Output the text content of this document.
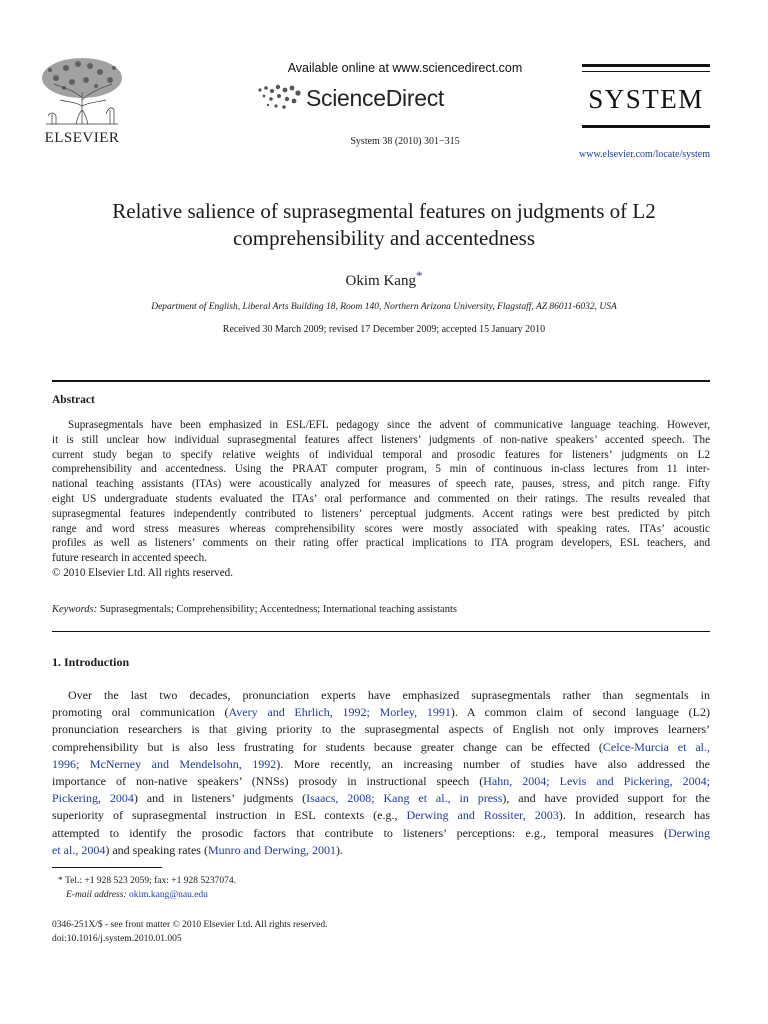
ELSEVIER
Available online at www.sciencedirect.com
ScienceDirect
System 38 (2010) 301−315
SYSTEM
www.elsevier.com/locate/system
Relative salience of suprasegmental features on judgments of L2
comprehensibility and accentedness
Okim Kang*
Department of English, Liberal Arts Building 18, Room 140, Northern Arizona University, Flagstaff, AZ 86011-6032, USA
Received 30 March 2009; revised 17 December 2009; accepted 15 January 2010
Abstract
Suprasegmentals have been emphasized in ESL/EFL pedagogy since the advent of communicative language teaching. However,
it is still unclear how individual suprasegmental features affect listeners’ judgments of non-native speakers’ accented speech. The
current study began to specify relative weights of individual temporal and prosodic features for listeners’ judgments on L2
comprehensibility and accentedness. Using the PRAAT computer program, 5 min of continuous in-class lectures from 11 inter-
national teaching assistants (ITAs) were acoustically analyzed for measures of speech rate, pauses, stress, and pitch range. Fifty
eight US undergraduate students evaluated the ITAs’ oral performance and commented on their ratings. The results revealed that
suprasegmental features independently contributed to listeners’ perceptual judgments. Accent ratings were best predicted by pitch
range and word stress measures whereas comprehensibility scores were mostly associated with speaking rates. ITAs’ acoustic
profiles as well as listeners’ comments on their rating offer practical implications to ITA program developers, ESL teachers, and
future research in accented speech.
© 2010 Elsevier Ltd. All rights reserved.
Keywords: Suprasegmentals; Comprehensibility; Accentedness; International teaching assistants
1. Introduction
Over the last two decades, pronunciation experts have emphasized suprasegmentals rather than segmentals in
promoting oral communication (Avery and Ehrlich, 1992; Morley, 1991). A common claim of second language (L2)
pronunciation researchers is that giving priority to the suprasegmental aspects of English not only improves learners’
comprehensibility but is also less frustrating for students because greater change can be effected (Celce-Murcia et al.,
1996; McNerney and Mendelsohn, 1992). More recently, an increasing number of studies have also addressed the
importance of non-native speakers’ (NNSs) prosody in instructional speech (Hahn, 2004; Levis and Pickering, 2004;
Pickering, 2004) and in listeners’ judgments (Isaacs, 2008; Kang et al., in press), and have provided support for the
superiority of suprasegmental instruction in ESL contexts (e.g., Derwing and Rossiter, 2003). In addition, research has
attempted to identify the prosodic factors that contribute to listeners’ perceptions: e.g., temporal measures (Derwing
et al., 2004) and speaking rates (Munro and Derwing, 2001).
* Tel.: +1 928 523 2059; fax: +1 928 5237074.
E-mail address: okim.kang@nau.edu
0346-251X/$ - see front matter © 2010 Elsevier Ltd. All rights reserved.
doi:10.1016/j.system.2010.01.005
